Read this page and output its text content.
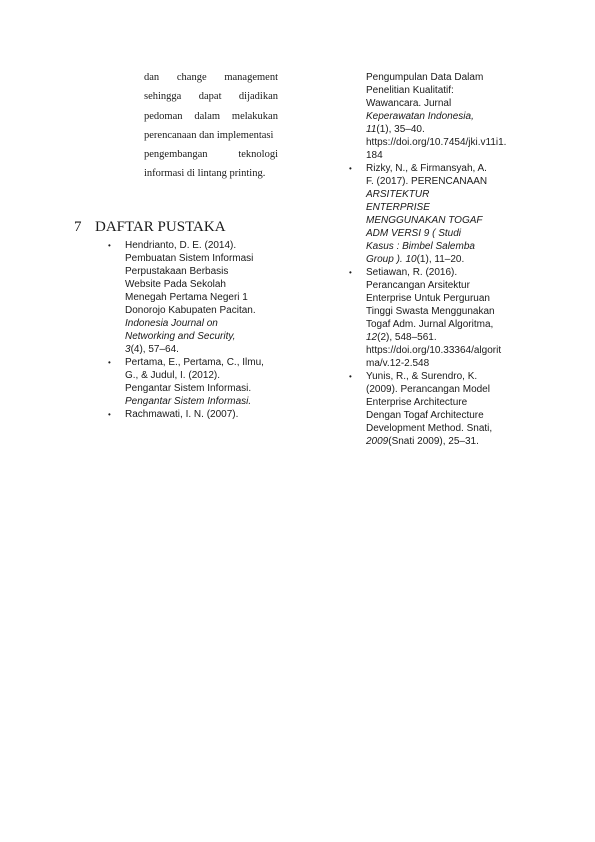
dan change management
sehingga dapat dijadikan
pedoman dalam melakukan
perencanaan dan implementasi
pengembangan	teknologi
informasi di lintang printing.
7 DAFTAR PUSTAKA
• Hendrianto, D. E. (2014).
Pembuatan Sistem Informasi
Perpustakaan Berbasis
Website Pada Sekolah
Menegah Pertama Negeri 1
Donorojo Kabupaten Pacitan.
Indonesia Journal on
Networking and Security,
3(4), 57–64.
• Pertama, E., Pertama, C., Ilmu,
G., & Judul, I. (2012).
Pengantar Sistem Informasi.
Pengantar Sistem Informasi.
• Rachmawati, I. N. (2007).
Pengumpulan Data Dalam
Penelitian Kualitatif:
Wawancara. Jurnal
Keperawatan Indonesia,
11(1), 35–40.
https://doi.org/10.7454/jki.v11i1.
184
• Rizky, N., & Firmansyah, A.
F. (2017). PERENCANAAN
ARSITEKTUR
ENTERPRISE
MENGGUNAKAN TOGAF
ADM VERSI 9 ( Studi
Kasus : Bimbel Salemba
Group ). 10(1), 11–20.
• Setiawan, R. (2016).
Perancangan Arsitektur
Enterprise Untuk Perguruan
Tinggi Swasta Menggunakan
Togaf Adm. Jurnal Algoritma,
12(2), 548–561.
https://doi.org/10.33364/algorit
ma/v.12-2.548
• Yunis, R., & Surendro, K.
(2009). Perancangan Model
Enterprise Architecture
Dengan Togaf Architecture
Development Method. Snati,
2009(Snati 2009), 25–31.
